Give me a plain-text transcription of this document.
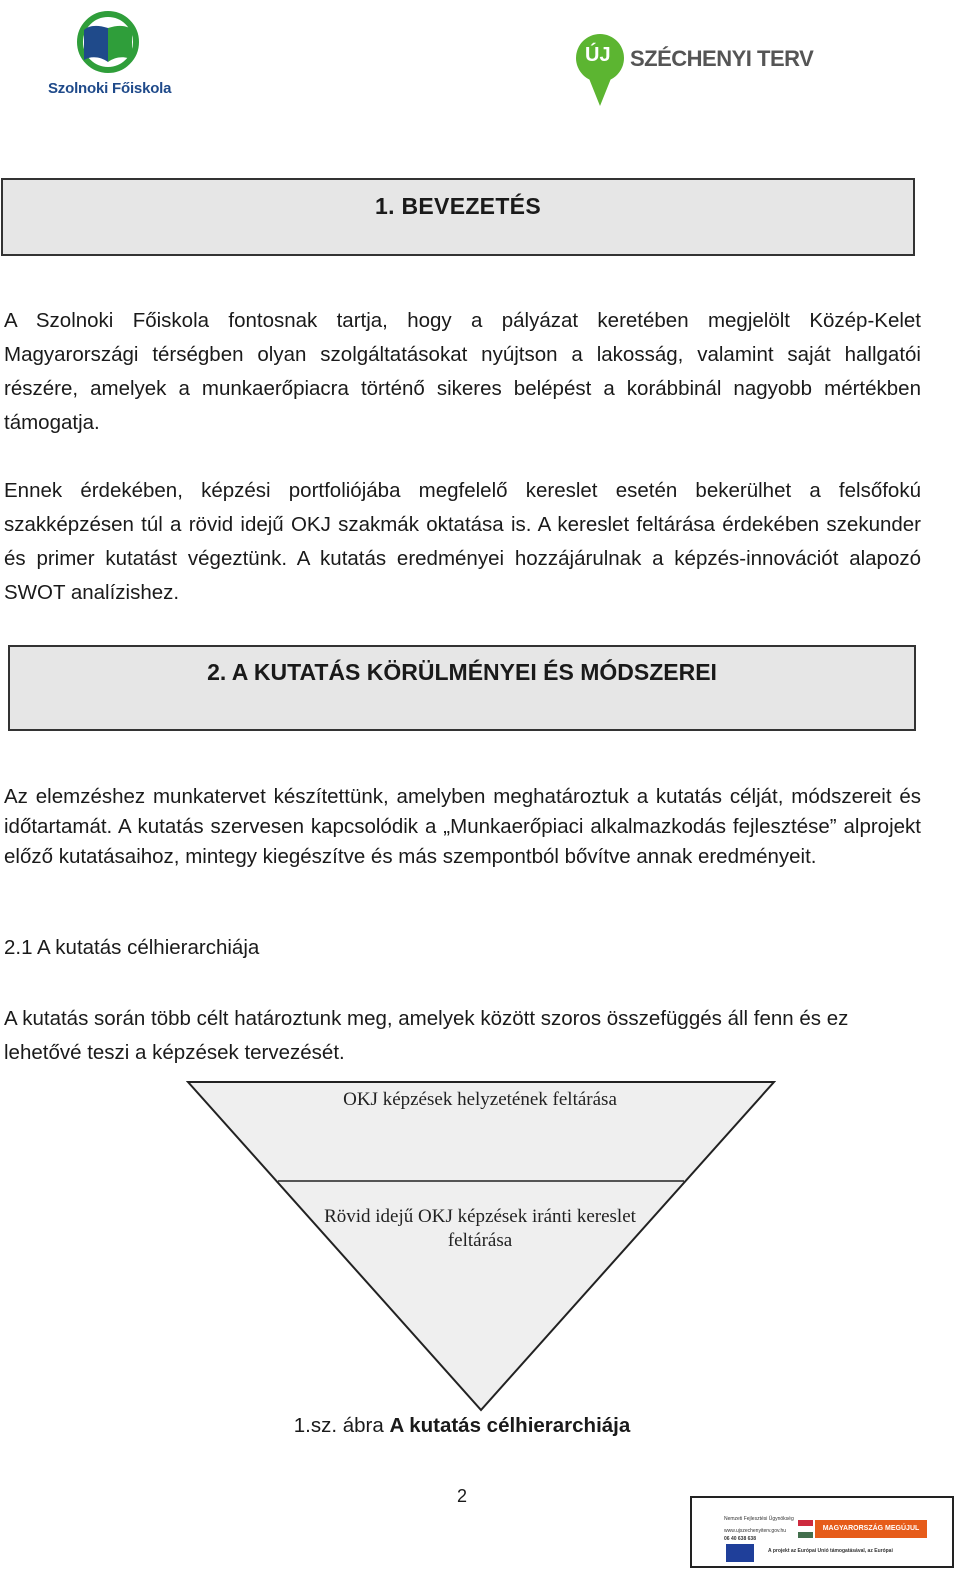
Szolnoki Főiskola
ÚJ SZÉCHENYI TERV
1. BEVEZETÉS
A Szolnoki Főiskola fontosnak tartja, hogy a pályázat keretében megjelölt Közép-Kelet Magyarországi térségben olyan szolgáltatásokat nyújtson a lakosság, valamint saját hallgatói részére, amelyek a munkaerőpiacra történő sikeres belépést a korábbinál nagyobb mértékben támogatja.
Ennek érdekében, képzési portfoliójába megfelelő kereslet esetén bekerülhet a felsőfokú szakképzésen túl a rövid idejű OKJ szakmák oktatása is. A kereslet feltárása érdekében szekunder és primer kutatást végeztünk. A kutatás eredményei hozzájárulnak a képzés-innovációt alapozó SWOT analízishez.
2. A KUTATÁS KÖRÜLMÉNYEI ÉS MÓDSZEREI
Az elemzéshez munkatervet készítettünk, amelyben meghatároztuk a kutatás célját, módszereit és időtartamát. A kutatás szervesen kapcsolódik a „Munkaerőpiaci alkalmazkodás fejlesztése” alprojekt előző kutatásaihoz, mintegy kiegészítve és más szempontból bővítve annak eredményeit.
2.1 A kutatás célhierarchiája
A kutatás során több célt határoztunk meg, amelyek között szoros összefüggés áll fenn és ez lehetővé teszi a képzések tervezését.
OKJ képzések helyzetének feltárása
Rövid idejű OKJ képzések iránti kereslet feltárása
1.sz. ábra A kutatás célhierarchiája
2
Nemzeti Fejlesztési Ügynökség
www.ujszechenyiterv.gov.hu
06 40 638 638
MAGYARORSZÁG MEGÚJUL
A projekt az Európai Unió támogatásával, az Európai
